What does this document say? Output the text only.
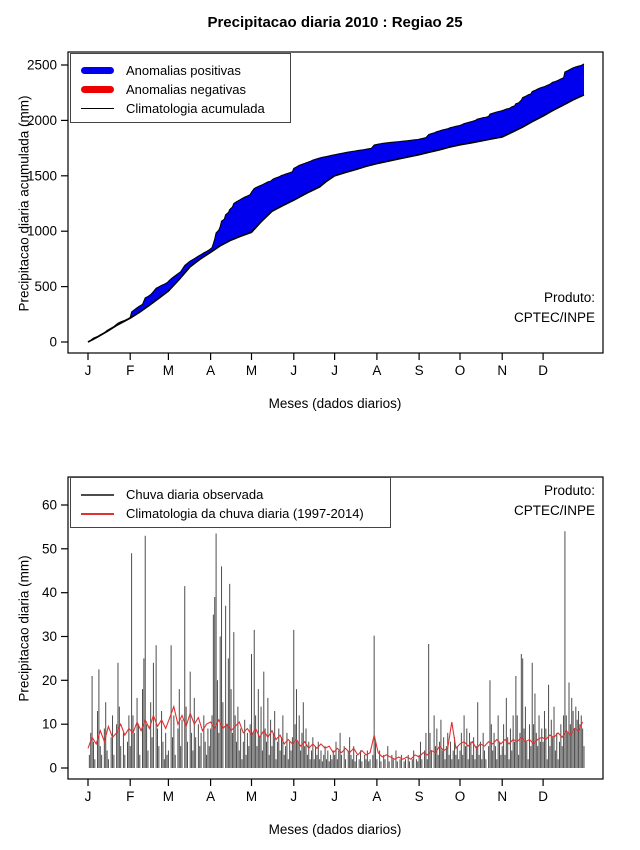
Precipitacao diaria 2010 : Regiao 25
0
500
1000
1500
2000
2500
J	F M A M J	J	A S O N D
0
10
20
30
40
50
60
J	F M A M J	J	A S O N D
Precipitacao diaria acumulada (mm)
Precipitacao diaria (mm)
Meses (dados diarios)
Meses (dados diarios)
Anomalias positivas
Anomalias negativas
Climatologia acumulada
Chuva diaria observada
Climatologia da chuva diaria (1997-2014)
Produto:
CPTEC/INPE
Produto:
CPTEC/INPE
